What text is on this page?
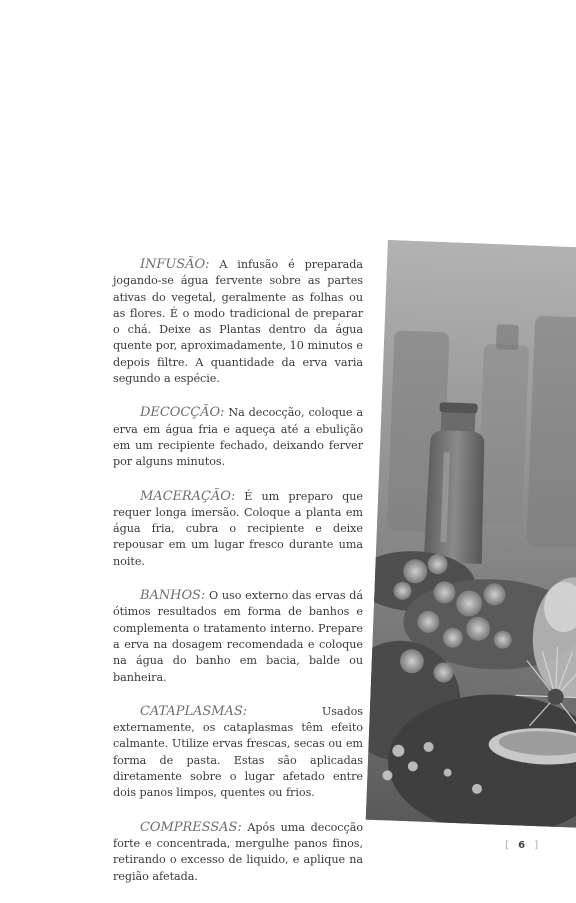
INFUSÃO: A infusão é preparada jogando-se água fervente sobre as partes ativas do vegetal, geralmente as folhas ou as flores. É o modo tradicional de preparar o chá. Deixe as Plantas dentro da água quente por, aproximadamente, 10 minutos e depois filtre. A quantidade da erva varia segundo a espécie.

DECOCÇÃO: Na decocção, coloque a erva em água fria e aqueça até a ebulição em um recipiente fechado, deixando ferver por alguns minutos.

MACERAÇÃO: É um preparo que requer longa imersão. Coloque a planta em água fria, cubra o recipiente e deixe repousar em um lugar fresco durante uma noite.

BANHOS: O uso externo das ervas dá ótimos resultados em forma de banhos e complementa o tratamento interno. Prepare a erva na dosagem recomendada e coloque na água do banho em bacia, balde ou banheira.

CATAPLASMAS:	Usados externamente, os cataplasmas têm efeito calmante. Utilize ervas frescas, secas ou em forma de pasta. Estas são aplicadas diretamente sobre o lugar afetado entre dois panos limpos, quentes ou frios.

COMPRESSAS: Após uma decocção forte e concentrada, mergulhe panos finos, retirando o excesso de liquido, e aplique na região afetada.

[ 6 ]
